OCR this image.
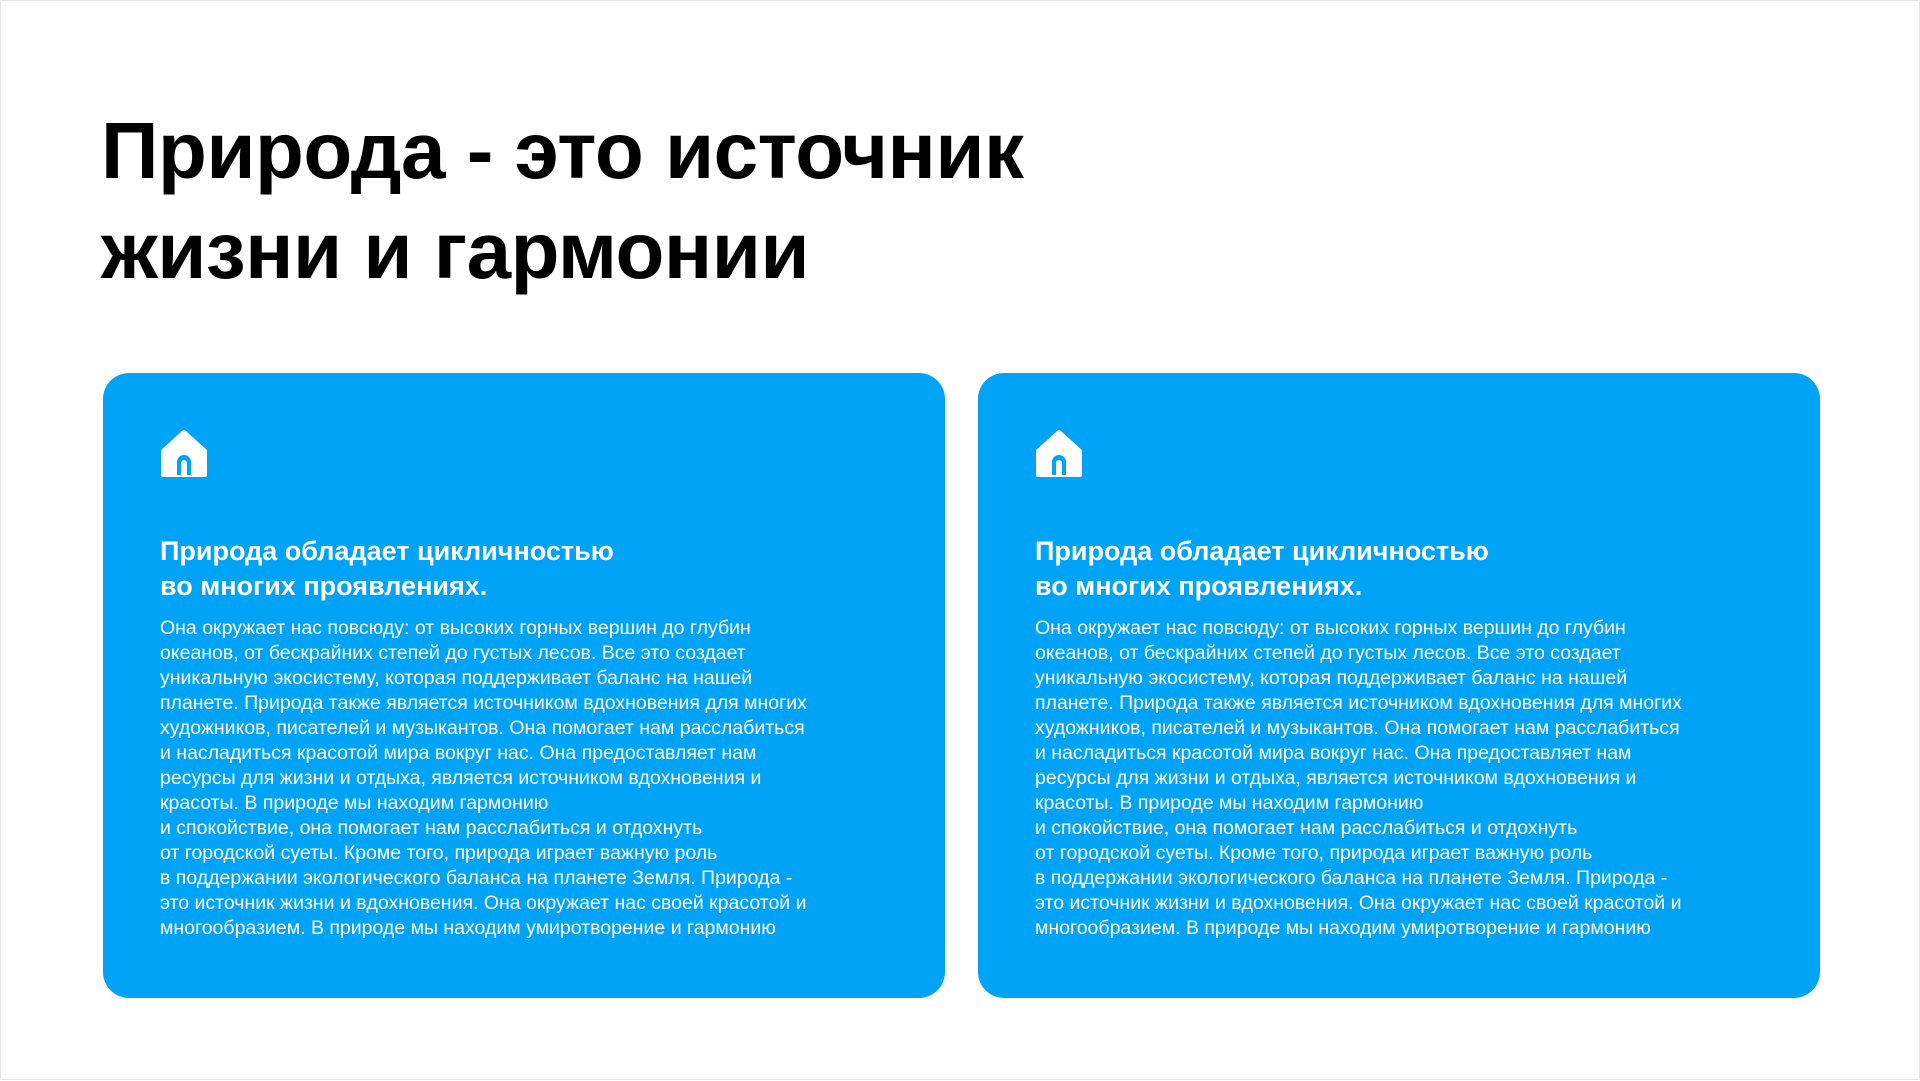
Природа - это источник
жизни и гармонии
Природа обладает цикличностью
во многих проявлениях.
Она окружает нас повсюду: от высоких горных вершин до глубин
океанов, от бескрайних степей до густых лесов. Все это создает
уникальную экосистему, которая поддерживает баланс на нашей
планете. Природа также является источником вдохновения для многих
художников, писателей и музыкантов. Она помогает нам расслабиться
и насладиться красотой мира вокруг нас. Она предоставляет нам
ресурсы для жизни и отдыха, является источником вдохновения и
красоты. В природе мы находим гармонию
и спокойствие, она помогает нам расслабиться и отдохнуть
от городской суеты. Кроме того, природа играет важную роль
в поддержании экологического баланса на планете Земля. Природа -
это источник жизни и вдохновения. Она окружает нас своей красотой и
многообразием. В природе мы находим умиротворение и гармонию
Природа обладает цикличностью
во многих проявлениях.
Она окружает нас повсюду: от высоких горных вершин до глубин
океанов, от бескрайних степей до густых лесов. Все это создает
уникальную экосистему, которая поддерживает баланс на нашей
планете. Природа также является источником вдохновения для многих
художников, писателей и музыкантов. Она помогает нам расслабиться
и насладиться красотой мира вокруг нас. Она предоставляет нам
ресурсы для жизни и отдыха, является источником вдохновения и
красоты. В природе мы находим гармонию
и спокойствие, она помогает нам расслабиться и отдохнуть
от городской суеты. Кроме того, природа играет важную роль
в поддержании экологического баланса на планете Земля. Природа -
это источник жизни и вдохновения. Она окружает нас своей красотой и
многообразием. В природе мы находим умиротворение и гармонию
